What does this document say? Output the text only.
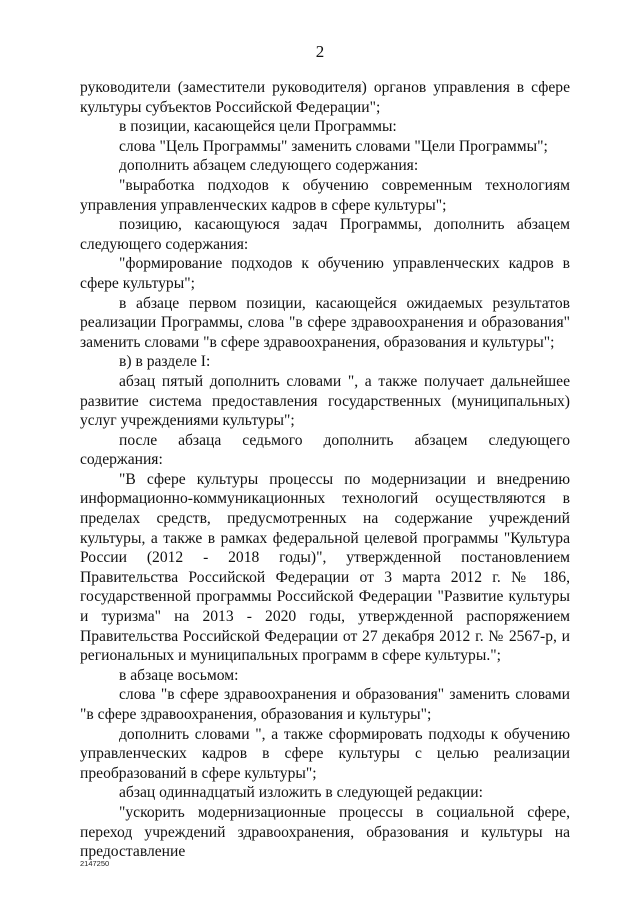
2

руководители (заместители руководителя) органов управления в сфере культуры субъектов Российской Федерации";

в позиции, касающейся цели Программы:

слова "Цель Программы" заменить словами "Цели Программы";

дополнить абзацем следующего содержания:

"выработка подходов к обучению современным технологиям управления управленческих кадров в сфере культуры";

позицию, касающуюся задач Программы, дополнить абзацем следующего содержания:

"формирование подходов к обучению управленческих кадров в сфере культуры";

в абзаце первом позиции, касающейся ожидаемых результатов реализации Программы, слова "в сфере здравоохранения и образования" заменить словами "в сфере здравоохранения, образования и культуры";

в) в разделе I:

абзац пятый дополнить словами ", а также получает дальнейшее развитие система предоставления государственных (муниципальных) услуг учреждениями культуры";

после абзаца седьмого дополнить абзацем следующего содержания:

"В сфере культуры процессы по модернизации и внедрению информационно-коммуникационных технологий осуществляются в пределах средств, предусмотренных на содержание учреждений культуры, а также в рамках федеральной целевой программы "Культура России (2012 - 2018 годы)", утвержденной постановлением Правительства Российской Федерации от 3 марта 2012 г. № 186, государственной программы Российской Федерации "Развитие культуры и туризма" на 2013 - 2020 годы, утвержденной распоряжением Правительства Российской Федерации от 27 декабря 2012 г. № 2567-р, и региональных и муниципальных программ в сфере культуры.";

в абзаце восьмом:

слова "в сфере здравоохранения и образования" заменить словами "в сфере здравоохранения, образования и культуры";

дополнить словами ", а также сформировать подходы к обучению управленческих кадров в сфере культуры с целью реализации преобразований в сфере культуры";

абзац одиннадцатый изложить в следующей редакции:

"ускорить модернизационные процессы в социальной сфере, переход учреждений здравоохранения, образования и культуры на предоставление

2147250
